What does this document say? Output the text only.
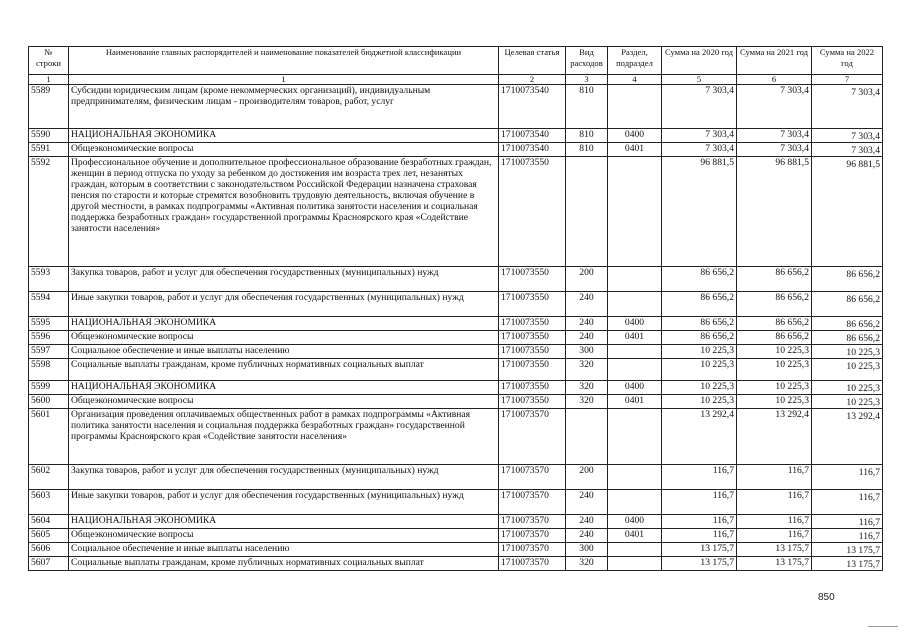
№ строки	Наименование главных распорядителей и наименование показателей бюджетной классификации	Целевая статья	Вид расходов	Раздел, подраздел	Сумма на 2020 год	Сумма на 2021 год	Сумма на 2022 год
1	1	2	3	4	5	6	7
5589	Субсидии юридическим лицам (кроме некоммерческих организаций), индивидуальным предпринимателям, физическим лицам - производителям товаров, работ, услуг	1710073540	810		7 303,4	7 303,4	7 303,4
5590	НАЦИОНАЛЬНАЯ ЭКОНОМИКА	1710073540	810	0400	7 303,4	7 303,4	7 303,4
5591	Общеэкономические вопросы	1710073540	810	0401	7 303,4	7 303,4	7 303,4
5592	Профессиональное обучение и дополнительное профессиональное образование безработных граждан, женщин в период отпуска по уходу за ребенком до достижения им возраста трех лет, незанятых граждан, которым в соответствии с законодательством Российской Федерации назначена страховая пенсия по старости и которые стремятся возобновить трудовую деятельность, включая обучение в другой местности, в рамках подпрограммы «Активная политика занятости населения и социальная поддержка безработных граждан» государственной программы Красноярского края «Содействие занятости населения»	1710073550			96 881,5	96 881,5	96 881,5
5593	Закупка товаров, работ и услуг для обеспечения государственных (муниципальных) нужд	1710073550	200		86 656,2	86 656,2	86 656,2
5594	Иные закупки товаров, работ и услуг для обеспечения государственных (муниципальных) нужд	1710073550	240		86 656,2	86 656,2	86 656,2
5595	НАЦИОНАЛЬНАЯ ЭКОНОМИКА	1710073550	240	0400	86 656,2	86 656,2	86 656,2
5596	Общеэкономические вопросы	1710073550	240	0401	86 656,2	86 656,2	86 656,2
5597	Социальное обеспечение и иные выплаты населению	1710073550	300		10 225,3	10 225,3	10 225,3
5598	Социальные выплаты гражданам, кроме публичных нормативных социальных выплат	1710073550	320		10 225,3	10 225,3	10 225,3
5599	НАЦИОНАЛЬНАЯ ЭКОНОМИКА	1710073550	320	0400	10 225,3	10 225,3	10 225,3
5600	Общеэкономические вопросы	1710073550	320	0401	10 225,3	10 225,3	10 225,3
5601	Организация проведения оплачиваемых общественных работ в рамках подпрограммы «Активная политика занятости населения и социальная поддержка безработных граждан» государственной программы Красноярского края «Содействие занятости населения»	1710073570			13 292,4	13 292,4	13 292,4
5602	Закупка товаров, работ и услуг для обеспечения государственных (муниципальных) нужд	1710073570	200		116,7	116,7	116,7
5603	Иные закупки товаров, работ и услуг для обеспечения государственных (муниципальных) нужд	1710073570	240		116,7	116,7	116,7
5604	НАЦИОНАЛЬНАЯ ЭКОНОМИКА	1710073570	240	0400	116,7	116,7	116,7
5605	Общеэкономические вопросы	1710073570	240	0401	116,7	116,7	116,7
5606	Социальное обеспечение и иные выплаты населению	1710073570	300		13 175,7	13 175,7	13 175,7
5607	Социальные выплаты гражданам, кроме публичных нормативных социальных выплат	1710073570	320		13 175,7	13 175,7	13 175,7
850
